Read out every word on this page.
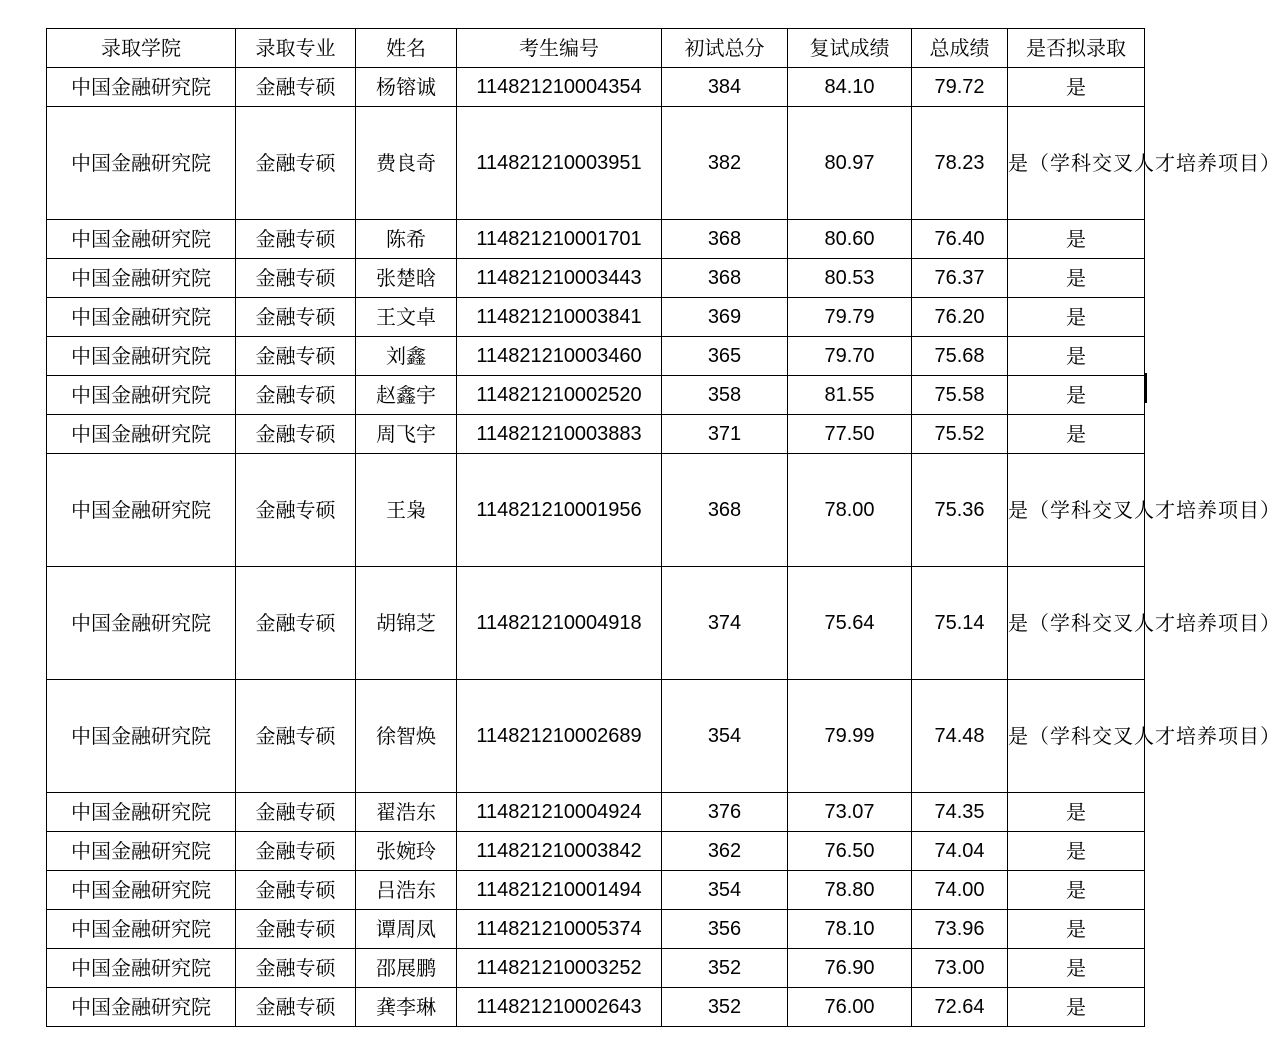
录取学院	录取专业	姓名	考生编号	初试总分	复试成绩	总成绩	是否拟录取
中国金融研究院	金融专硕	杨镕诚	114821210004354	384	84.10	79.72	是
中国金融研究院	金融专硕	费良奇	114821210003951	382	80.97	78.23	是（学科交叉人才培养项目）
中国金融研究院	金融专硕	陈希	114821210001701	368	80.60	76.40	是
中国金融研究院	金融专硕	张楚晗	114821210003443	368	80.53	76.37	是
中国金融研究院	金融专硕	王文卓	114821210003841	369	79.79	76.20	是
中国金融研究院	金融专硕	刘鑫	114821210003460	365	79.70	75.68	是
中国金融研究院	金融专硕	赵鑫宇	114821210002520	358	81.55	75.58	是
中国金融研究院	金融专硕	周飞宇	114821210003883	371	77.50	75.52	是
中国金融研究院	金融专硕	王枭	114821210001956	368	78.00	75.36	是（学科交叉人才培养项目）
中国金融研究院	金融专硕	胡锦芝	114821210004918	374	75.64	75.14	是（学科交叉人才培养项目）
中国金融研究院	金融专硕	徐智焕	114821210002689	354	79.99	74.48	是（学科交叉人才培养项目）
中国金融研究院	金融专硕	翟浩东	114821210004924	376	73.07	74.35	是
中国金融研究院	金融专硕	张婉玲	114821210003842	362	76.50	74.04	是
中国金融研究院	金融专硕	吕浩东	114821210001494	354	78.80	74.00	是
中国金融研究院	金融专硕	谭周凤	114821210005374	356	78.10	73.96	是
中国金融研究院	金融专硕	邵展鹏	114821210003252	352	76.90	73.00	是
中国金融研究院	金融专硕	龚李琳	114821210002643	352	76.00	72.64	是
